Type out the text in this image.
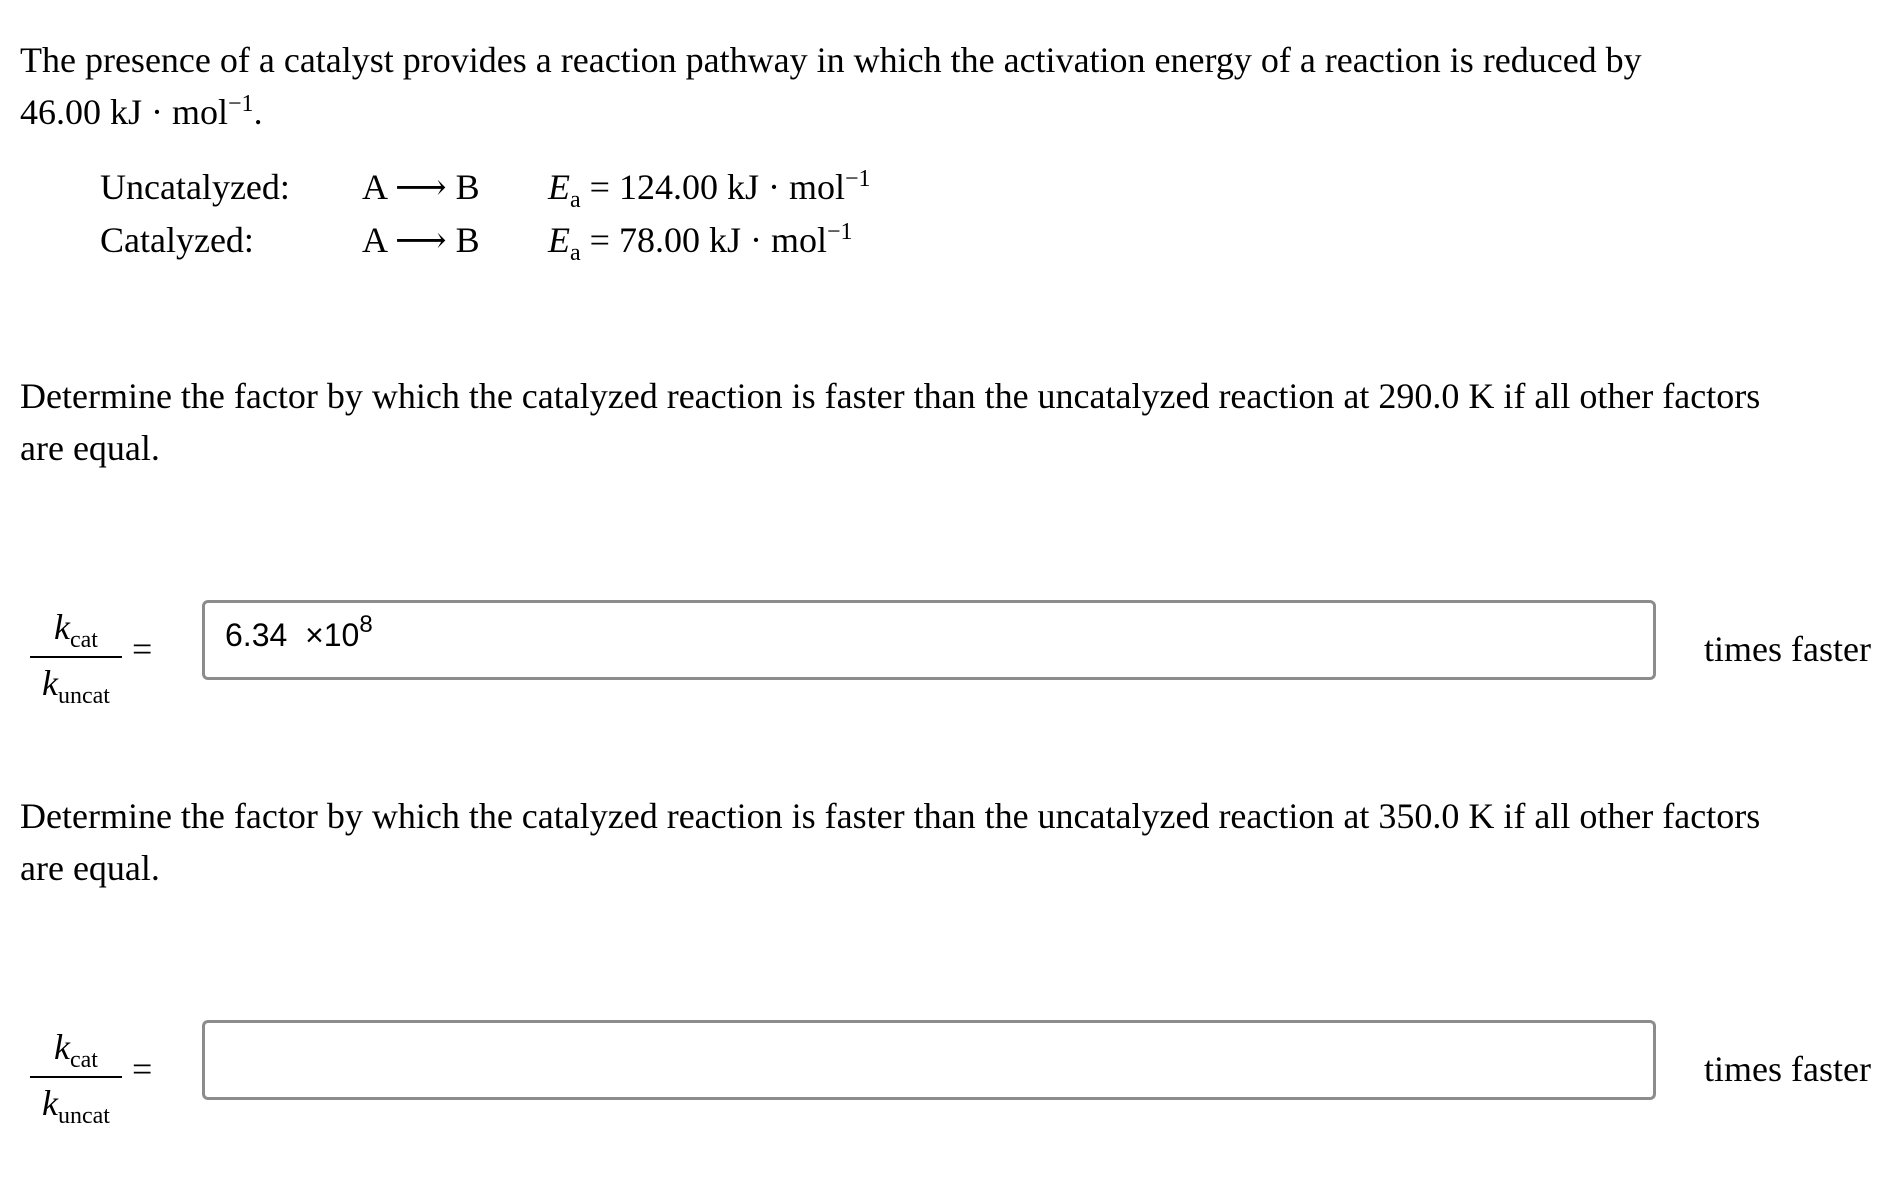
The presence of a catalyst provides a reaction pathway in which the activation energy of a reaction is reduced by
46.00 kJ · mol$^{-1}$.
Uncatalyzed: A ⟶ B $E_a = 124.00$ kJ · mol$^{-1}$
Catalyzed:	A ⟶ B $E_a = 78.00$ kJ · mol$^{-1}$
Determine the factor by which the catalyzed reaction is faster than the uncatalyzed reaction at 290.0 K if all other factors
are equal.
$k_{cat}$
$k_{uncat}$
= $6.34 \times 10^8$
times faster
Determine the factor by which the catalyzed reaction is faster than the uncatalyzed reaction at 350.0 K if all other factors
are equal.
$k_{cat}$
$k_{uncat}$
=	times faster
